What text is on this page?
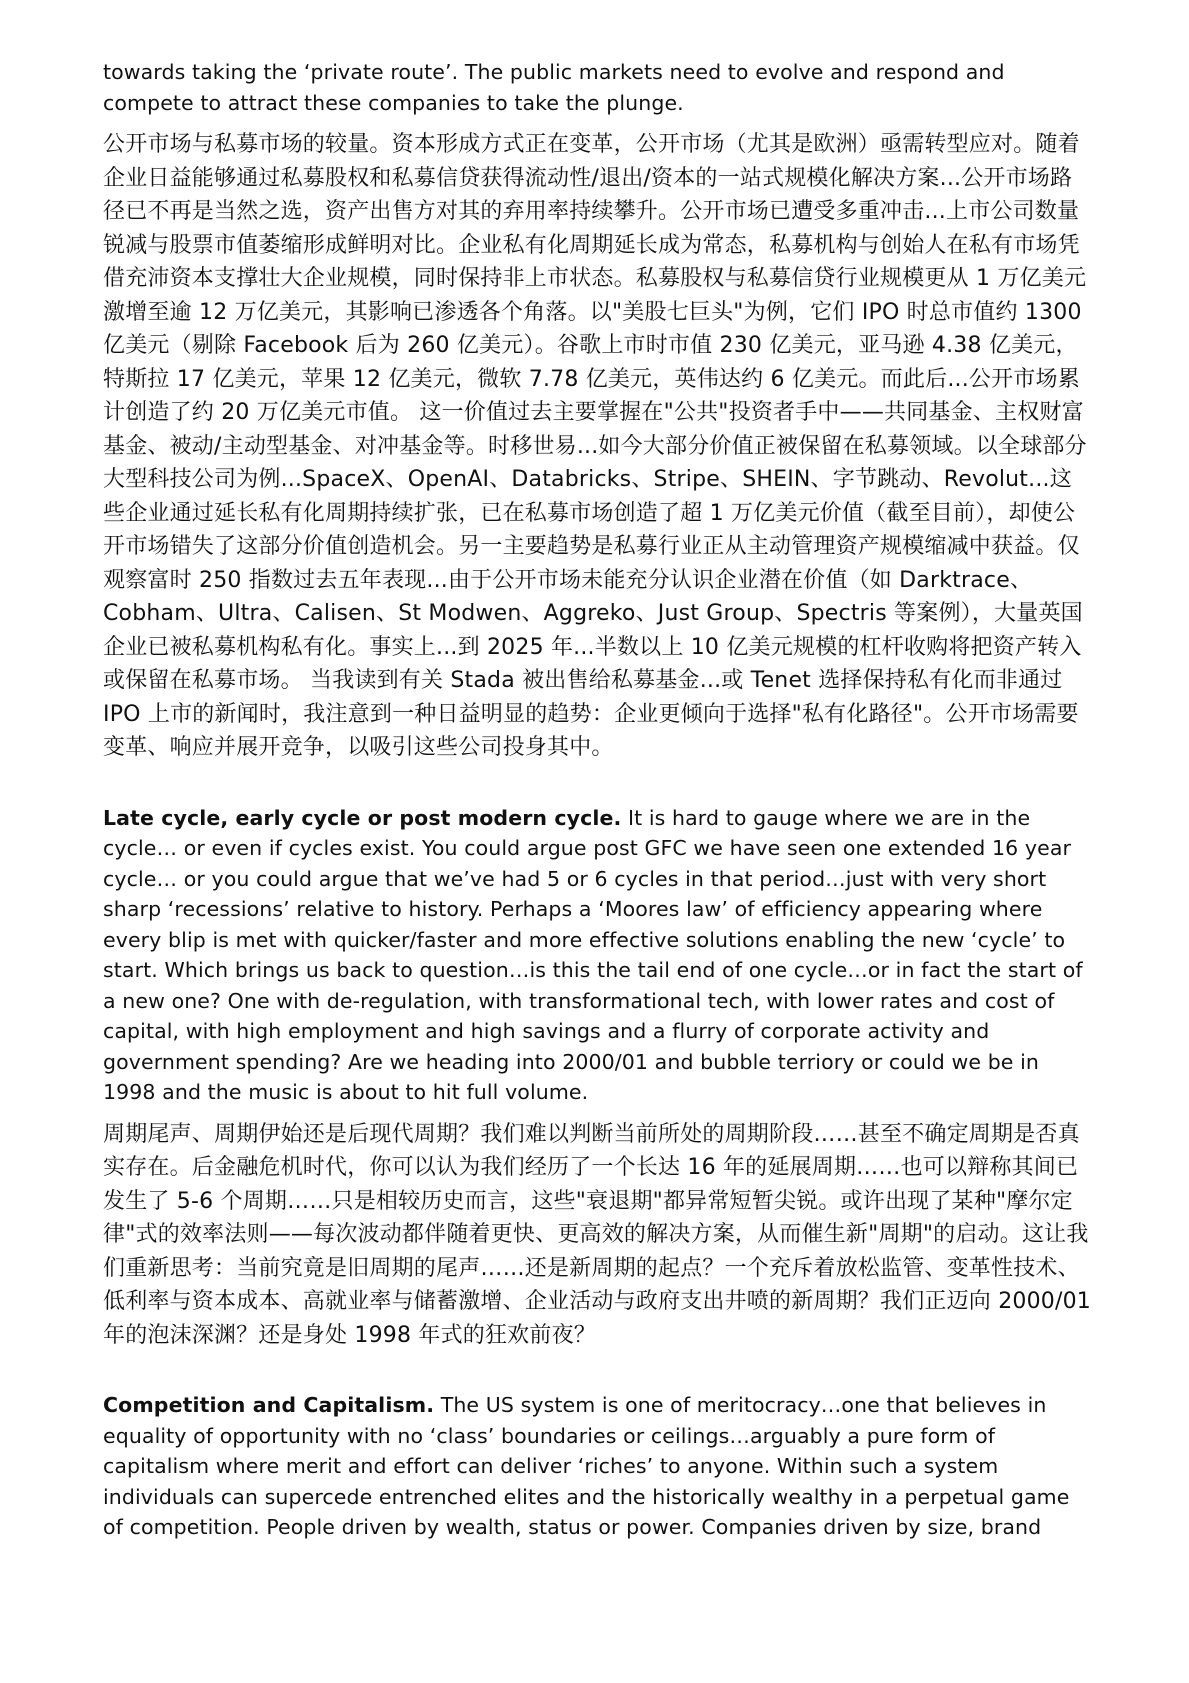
towards taking the ‘private route’. The public markets need to evolve and respond and compete to attract these companies to take the plunge.

公开市场与私募市场的较量。资本形成方式正在变革，公开市场（尤其是欧洲）亟需转型应对。随着企业日益能够通过私募股权和私募信贷获得流动性/退出/资本的一站式规模化解决方案...公开市场路径已不再是当然之选，资产出售方对其的弃用率持续攀升。公开市场已遭受多重冲击...上市公司数量锐减与股票市值萎缩形成鲜明对比。企业私有化周期延长成为常态，私募机构与创始人在私有市场凭借充沛资本支撑壮大企业规模，同时保持非上市状态。私募股权与私募信贷行业规模更从 1 万亿美元激增至逾 12 万亿美元，其影响已渗透各个角落。以"美股七巨头"为例，它们 IPO 时总市值约 1300 亿美元（剔除 Facebook 后为 260 亿美元）。谷歌上市时市值 230 亿美元，亚马逊 4.38 亿美元，特斯拉 17 亿美元，苹果 12 亿美元，微软 7.78 亿美元，英伟达约 6 亿美元。而此后...公开市场累计创造了约 20 万亿美元市值。 这一价值过去主要掌握在"公共"投资者手中——共同基金、主权财富基金、被动/主动型基金、对冲基金等。时移世易...如今大部分价值正被保留在私募领域。以全球部分大型科技公司为例...SpaceX、OpenAI、Databricks、Stripe、SHEIN、字节跳动、Revolut...这些企业通过延长私有化周期持续扩张，已在私募市场创造了超 1 万亿美元价值（截至目前），却使公开市场错失了这部分价值创造机会。另一主要趋势是私募行业正从主动管理资产规模缩减中获益。仅观察富时 250 指数过去五年表现...由于公开市场未能充分认识企业潜在价值（如 Darktrace、Cobham、Ultra、Calisen、St Modwen、Aggreko、Just Group、Spectris 等案例），大量英国企业已被私募机构私有化。事实上...到 2025 年...半数以上 10 亿美元规模的杠杆收购将把资产转入或保留在私募市场。 当我读到有关 Stada 被出售给私募基金...或 Tenet 选择保持私有化而非通过 IPO 上市的新闻时，我注意到一种日益明显的趋势：企业更倾向于选择"私有化路径"。公开市场需要变革、响应并展开竞争，以吸引这些公司投身其中。

Late cycle, early cycle or post modern cycle. It is hard to gauge where we are in the cycle… or even if cycles exist. You could argue post GFC we have seen one extended 16 year cycle… or you could argue that we’ve had 5 or 6 cycles in that period…just with very short sharp ‘recessions’ relative to history. Perhaps a ‘Moores law’ of efficiency appearing where every blip is met with quicker/faster and more effective solutions enabling the new ‘cycle’ to start. Which brings us back to question…is this the tail end of one cycle…or in fact the start of a new one? One with de-regulation, with transformational tech, with lower rates and cost of capital, with high employment and high savings and a flurry of corporate activity and government spending? Are we heading into 2000/01 and bubble terriory or could we be in 1998 and the music is about to hit full volume.

周期尾声、周期伊始还是后现代周期？我们难以判断当前所处的周期阶段……甚至不确定周期是否真实存在。后金融危机时代，你可以认为我们经历了一个长达 16 年的延展周期……也可以辩称其间已发生了 5-6 个周期……只是相较历史而言，这些"衰退期"都异常短暂尖锐。或许出现了某种"摩尔定律"式的效率法则——每次波动都伴随着更快、更高效的解决方案，从而催生新"周期"的启动。这让我们重新思考：当前究竟是旧周期的尾声……还是新周期的起点？一个充斥着放松监管、变革性技术、低利率与资本成本、高就业率与储蓄激增、企业活动与政府支出井喷的新周期？我们正迈向 2000/01 年的泡沫深渊？还是身处 1998 年式的狂欢前夜？

Competition and Capitalism. The US system is one of meritocracy…one that believes in equality of opportunity with no ‘class’ boundaries or ceilings…arguably a pure form of capitalism where merit and effort can deliver ‘riches’ to anyone. Within such a system individuals can supercede entrenched elites and the historically wealthy in a perpetual game of competition. People driven by wealth, status or power. Companies driven by size, brand
